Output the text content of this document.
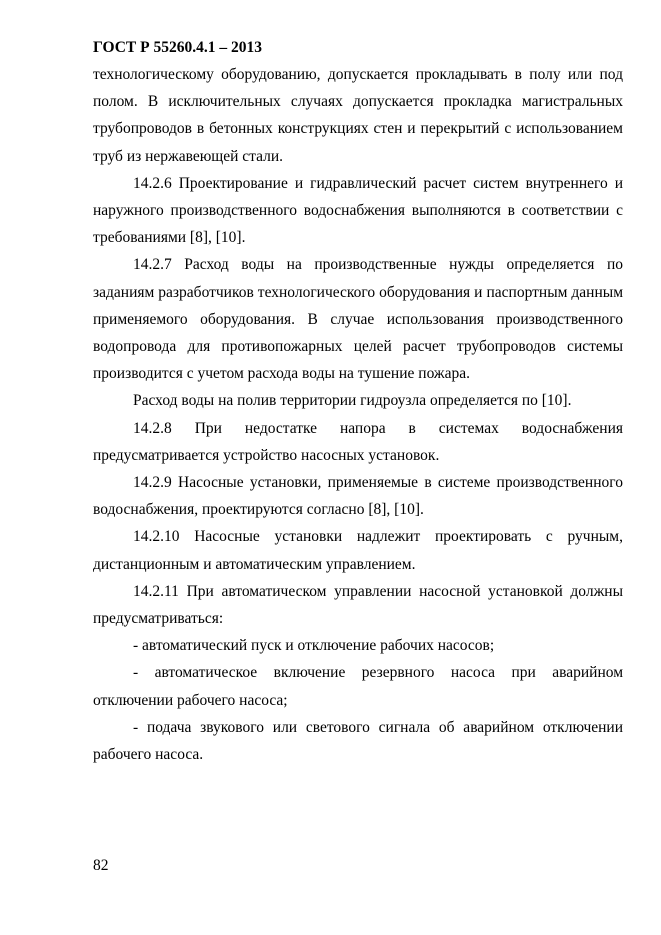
ГОСТ Р 55260.4.1 – 2013

технологическому оборудованию, допускается прокладывать в полу или под полом. В исключительных случаях допускается прокладка магистральных трубопроводов в бетонных конструкциях стен и перекрытий с использованием труб из нержавеющей стали.

14.2.6 Проектирование и гидравлический расчет систем внутреннего и наружного производственного водоснабжения выполняются в соответствии с требованиями [8], [10].

14.2.7 Расход воды на производственные нужды определяется по заданиям разработчиков технологического оборудования и паспортным данным применяемого оборудования. В случае использования производственного водопровода для противопожарных целей расчет трубопроводов системы производится с учетом расхода воды на тушение пожара.

Расход воды на полив территории гидроузла определяется по [10].

14.2.8 При недостатке напора в системах водоснабжения предусматривается устройство насосных установок.

14.2.9 Насосные установки, применяемые в системе производственного водоснабжения, проектируются согласно [8], [10].

14.2.10 Насосные установки надлежит проектировать с ручным, дистанционным и автоматическим управлением.

14.2.11 При автоматическом управлении насосной установкой должны предусматриваться:

- автоматический пуск и отключение рабочих насосов;

- автоматическое включение резервного насоса при аварийном отключении рабочего насоса;

- подача звукового или светового сигнала об аварийном отключении рабочего насоса.

82
